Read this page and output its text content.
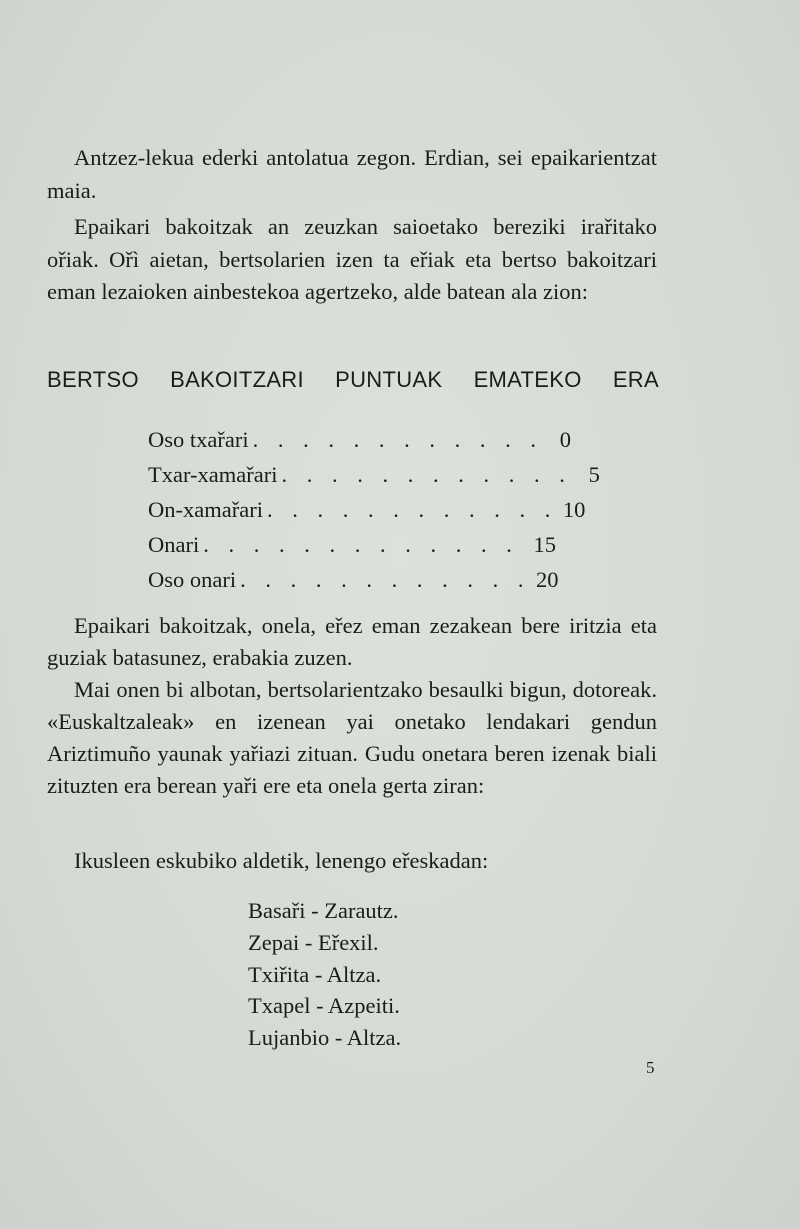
Antzez-lekua ederki antolatua zegon. Erdian, sei epaikarientzat maia.

Epaikari bakoitzak an zeuzkan saioetako bereziki irařitako ořiak. Ořì aietan, bertsolarien izen ta eřiak eta bertso bakoitzari eman lezaioken ainbestekoa agertzeko, alde batean ala zion:

BERTSO BAKOITZARI PUNTUAK EMATEKO ERA
Oso txařari . . . . . . . . . . . . 0
Txar-xamařari . . . . . . . . . . . . 5
On-xamařari . . . . . . . . . . . . 10
Onari . . . . . . . . . . . . . 15
Oso onari . . . . . . . . . . . . 20

Epaikari bakoitzak, onela, eřez eman zezakean bere iritzia eta guziak batasunez, erabakia zuzen.

Mai onen bi albotan, bertsolarientzako besaulki bigun, dotoreak. «Euskaltzaleak» en izenean yai onetako lendakari gendun Ariztimuño yaunak yařiazi zituan. Gudu onetara beren izenak biali zituzten era berean yaři ere eta onela gerta ziran:

Ikusleen eskubiko aldetik, lenengo eřeskadan:

Basaři - Zarautz.
Zepai - Eřexil.
Txiřita - Altza.
Txapel - Azpeiti.
Lujanbio - Altza.
5
